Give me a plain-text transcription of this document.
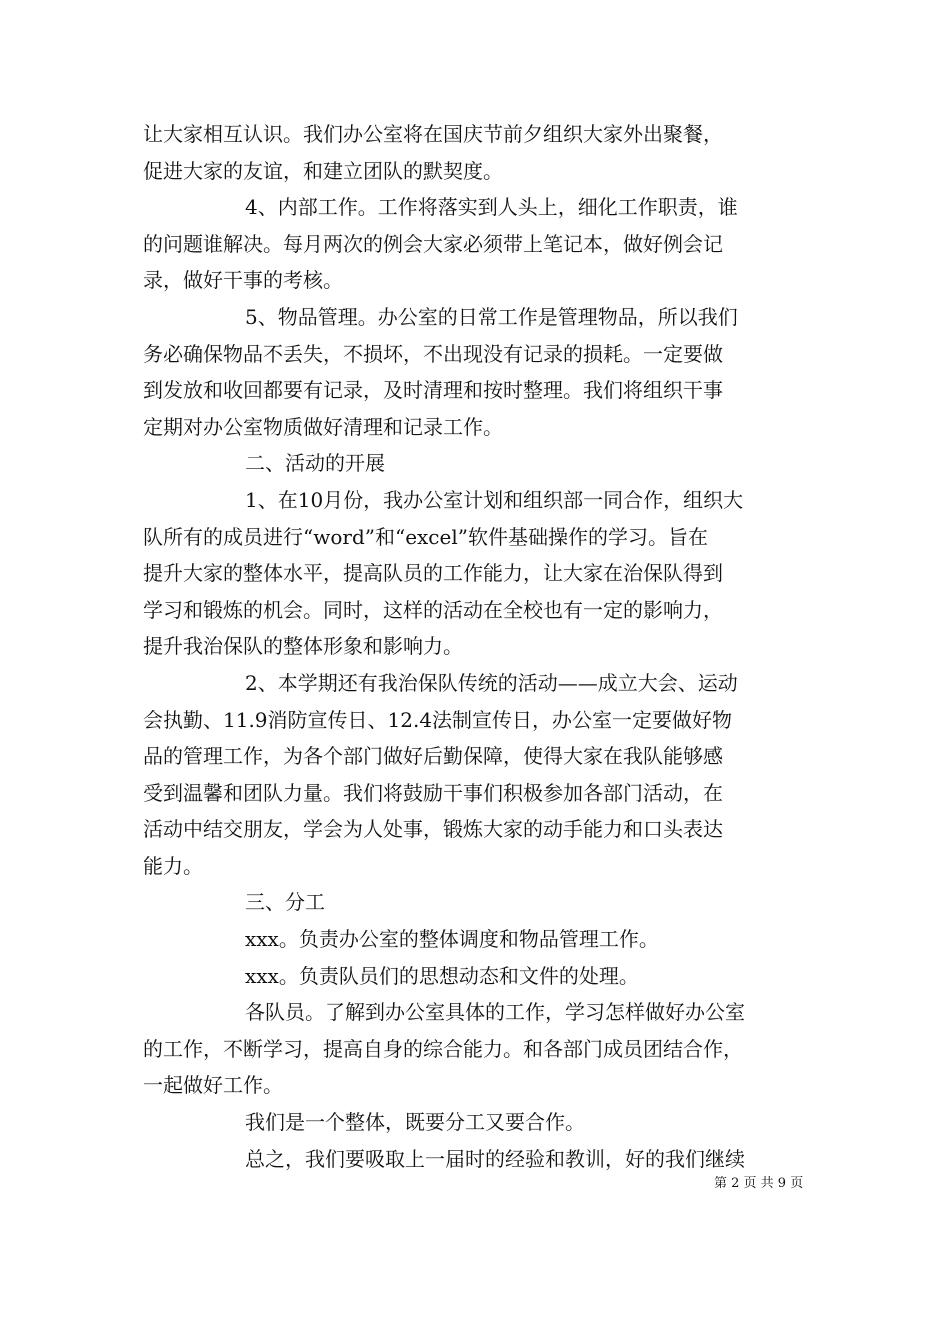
让大家相互认识。我们办公室将在国庆节前夕组织大家外出聚餐，
促进大家的友谊，和建立团队的默契度。
4、内部工作。工作将落实到人头上，细化工作职责，谁
的问题谁解决。每月两次的例会大家必须带上笔记本，做好例会记
录，做好干事的考核。
5、物品管理。办公室的日常工作是管理物品，所以我们
务必确保物品不丢失，不损坏，不出现没有记录的损耗。一定要做
到发放和收回都要有记录，及时清理和按时整理。我们将组织干事
定期对办公室物质做好清理和记录工作。
二、活动的开展
1、在10月份，我办公室计划和组织部一同合作，组织大
队所有的成员进行“word”和“excel”软件基础操作的学习。旨在
提升大家的整体水平，提高队员的工作能力，让大家在治保队得到
学习和锻炼的机会。同时，这样的活动在全校也有一定的影响力，
提升我治保队的整体形象和影响力。
2、本学期还有我治保队传统的活动——成立大会、运动
会执勤、11.9消防宣传日、12.4法制宣传日，办公室一定要做好物
品的管理工作，为各个部门做好后勤保障，使得大家在我队能够感
受到温馨和团队力量。我们将鼓励干事们积极参加各部门活动，在
活动中结交朋友，学会为人处事，锻炼大家的动手能力和口头表达
能力。
三、分工
xxx。负责办公室的整体调度和物品管理工作。
xxx。负责队员们的思想动态和文件的处理。
各队员。了解到办公室具体的工作，学习怎样做好办公室
的工作，不断学习，提高自身的综合能力。和各部门成员团结合作，
一起做好工作。
我们是一个整体，既要分工又要合作。
总之，我们要吸取上一届时的经验和教训，好的我们继续
第 2 页 共 9 页
